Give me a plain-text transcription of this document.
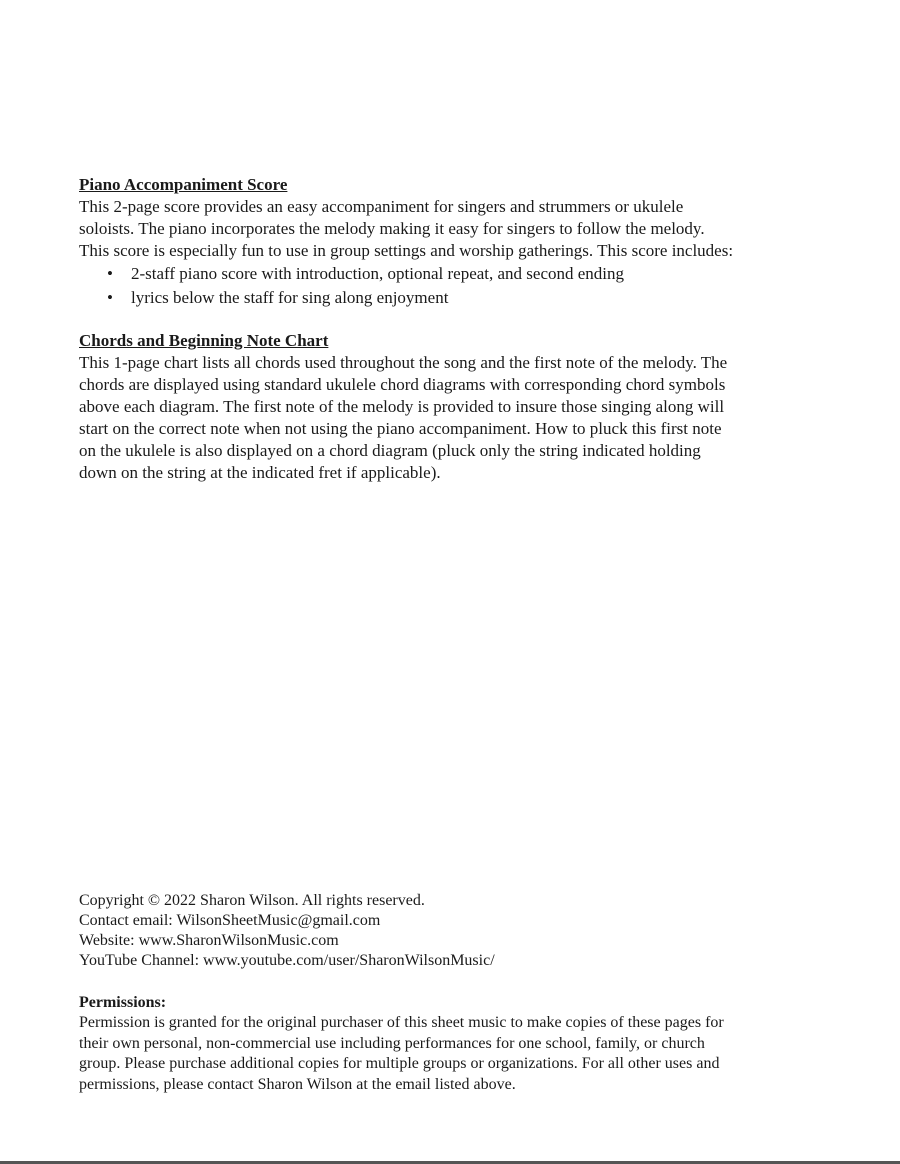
Piano Accompaniment Score
This 2-page score provides an easy accompaniment for singers and strummers or ukulele
soloists. The piano incorporates the melody making it easy for singers to follow the melody.
This score is especially fun to use in group settings and worship gatherings. This score includes:
• 2-staff piano score with introduction, optional repeat, and second ending
• lyrics below the staff for sing along enjoyment
Chords and Beginning Note Chart
This 1-page chart lists all chords used throughout the song and the first note of the melody. The
chords are displayed using standard ukulele chord diagrams with corresponding chord symbols
above each diagram. The first note of the melody is provided to insure those singing along will
start on the correct note when not using the piano accompaniment. How to pluck this first note
on the ukulele is also displayed on a chord diagram (pluck only the string indicated holding
down on the string at the indicated fret if applicable).
Copyright © 2022 Sharon Wilson. All rights reserved.
Contact email: WilsonSheetMusic@gmail.com
Website: www.SharonWilsonMusic.com
YouTube Channel: www.youtube.com/user/SharonWilsonMusic/
Permissions:
Permission is granted for the original purchaser of this sheet music to make copies of these pages for
their own personal, non-commercial use including performances for one school, family, or church
group. Please purchase additional copies for multiple groups or organizations. For all other uses and
permissions, please contact Sharon Wilson at the email listed above.
